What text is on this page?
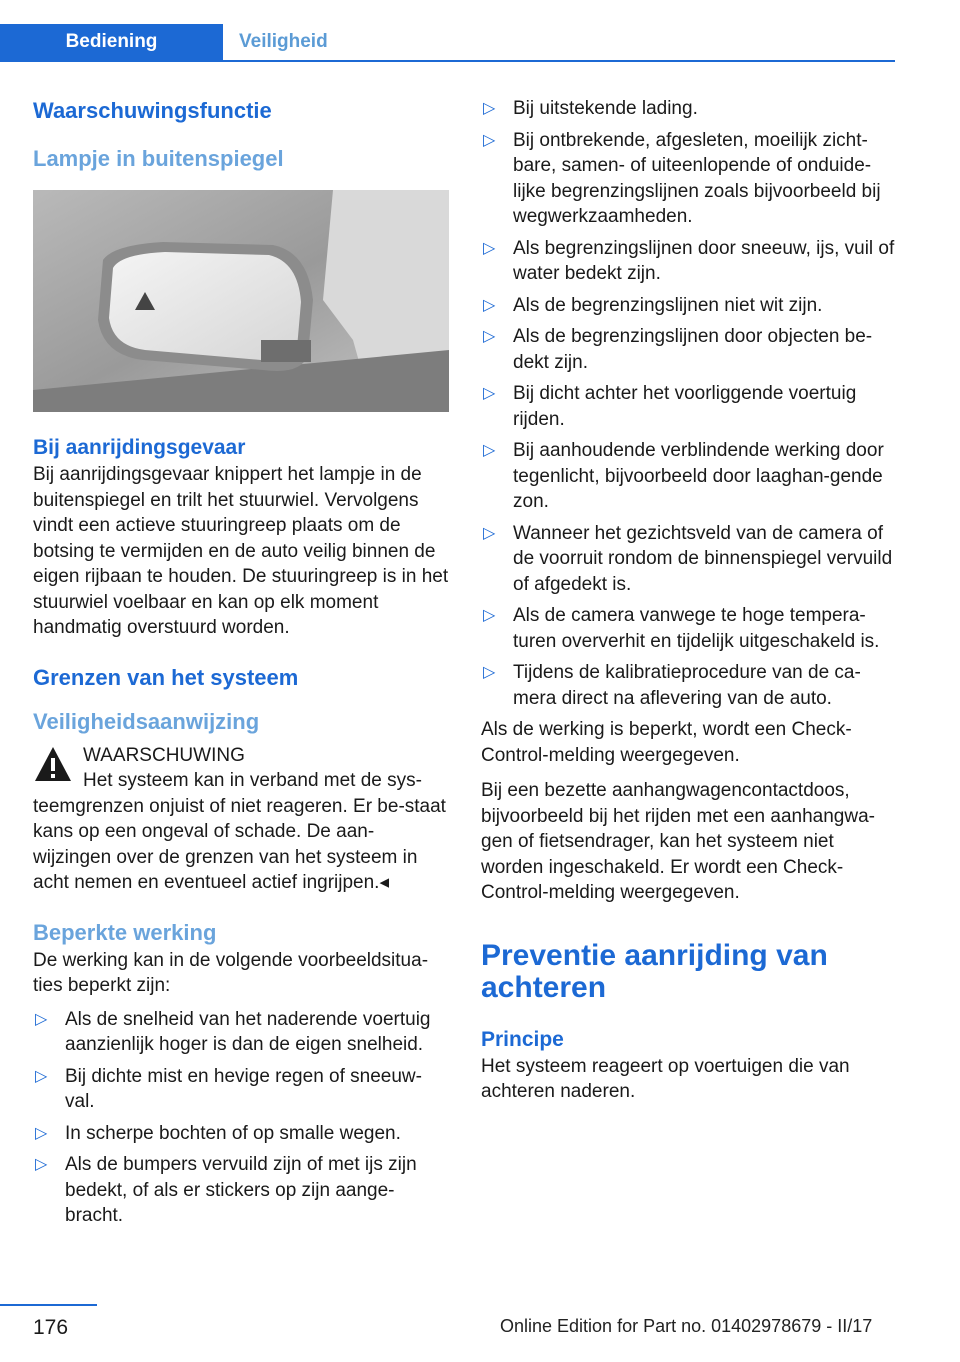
Bediening	Veiligheid
Waarschuwingsfunctie
Lampje in buitenspiegel
Bij aanrijdingsgevaar

Bij aanrijdingsgevaar knippert het lampje in de buitenspiegel en trilt het stuurwiel. Vervolgens vindt een actieve stuuringreep plaats om de botsing te vermijden en de auto veilig binnen de eigen rijbaan te houden. De stuuringreep is in het stuurwiel voelbaar en kan op elk moment handmatig overstuurd worden.

Grenzen van het systeem
Veiligheidsaanwijzing
WAARSCHUWING
Het systeem kan in verband met de sys‐teemgrenzen onjuist of niet reageren. Er be‐staat kans op een ongeval of schade. De aan‐wijzingen over de grenzen van het systeem in acht nemen en eventueel actief ingrijpen.◂
Beperkte werking

De werking kan in de volgende voorbeeldsitua‐ties beperkt zijn:

▷ Als de snelheid van het naderende voertuig aanzienlijk hoger is dan de eigen snelheid.
▷ Bij dichte mist en hevige regen of sneeuw‐val.
▷ In scherpe bochten of op smalle wegen.
▷ Als de bumpers vervuild zijn of met ijs zijn bedekt, of als er stickers op zijn aange‐bracht.
▷ Bij uitstekende lading.
▷ Bij ontbrekende, afgesleten, moeilijk zicht‐bare, samen- of uiteenlopende of onduide‐lijke begrenzingslijnen zoals bijvoorbeeld bij wegwerkzaamheden.
▷ Als begrenzingslijnen door sneeuw, ijs, vuil of water bedekt zijn.
▷ Als de begrenzingslijnen niet wit zijn.
▷ Als de begrenzingslijnen door objecten be‐dekt zijn.
▷ Bij dicht achter het voorliggende voertuig rijden.
▷ Bij aanhoudende verblindende werking door tegenlicht, bijvoorbeeld door laaghan‐gende zon.
▷ Wanneer het gezichtsveld van de camera of de voorruit rondom de binnenspiegel vervuild of afgedekt is.
▷ Als de camera vanwege te hoge tempera‐turen oververhit en tijdelijk uitgeschakeld is.
▷ Tijdens de kalibratieprocedure van de ca‐mera direct na aflevering van de auto.

Als de werking is beperkt, wordt een Check-Control-melding weergegeven.

Bij een bezette aanhangwagencontactdoos, bijvoorbeeld bij het rijden met een aanhangwa‐gen of fietsendrager, kan het systeem niet worden ingeschakeld. Er wordt een Check-Control-melding weergegeven.

Preventie aanrijding van achteren
Principe

Het systeem reageert op voertuigen die van achteren naderen.

176	Online Edition for Part no. 01402978679 - II/17
